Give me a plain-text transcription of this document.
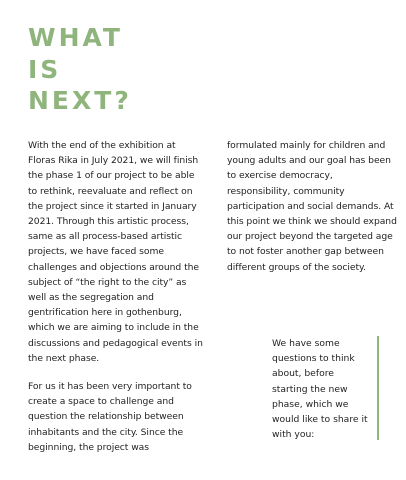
WHAT
IS
NEXT?

With the end of the exhibition at Floras Rika in July 2021, we will finish the phase 1 of our project to be able to rethink, reevaluate and reflect on the project since it started in January 2021. Through this artistic process, same as all process-based artistic projects, we have faced some challenges and objections around the subject of “the right to the city” as well as the segregation and gentrification here in gothenburg, which we are aiming to include in the discussions and pedagogical events in the next phase.

For us it has been very important to create a space to challenge and question the relationship between inhabitants and the city. Since the beginning, the project was

formulated mainly for children and young adults and our goal has been to exercise democracy, responsibility, community participation and social demands. At this point we think we should expand our project beyond the targeted age to not foster another gap between different groups of the society.

We have some questions to think about, before starting the new phase, which we would like to share it with you:
